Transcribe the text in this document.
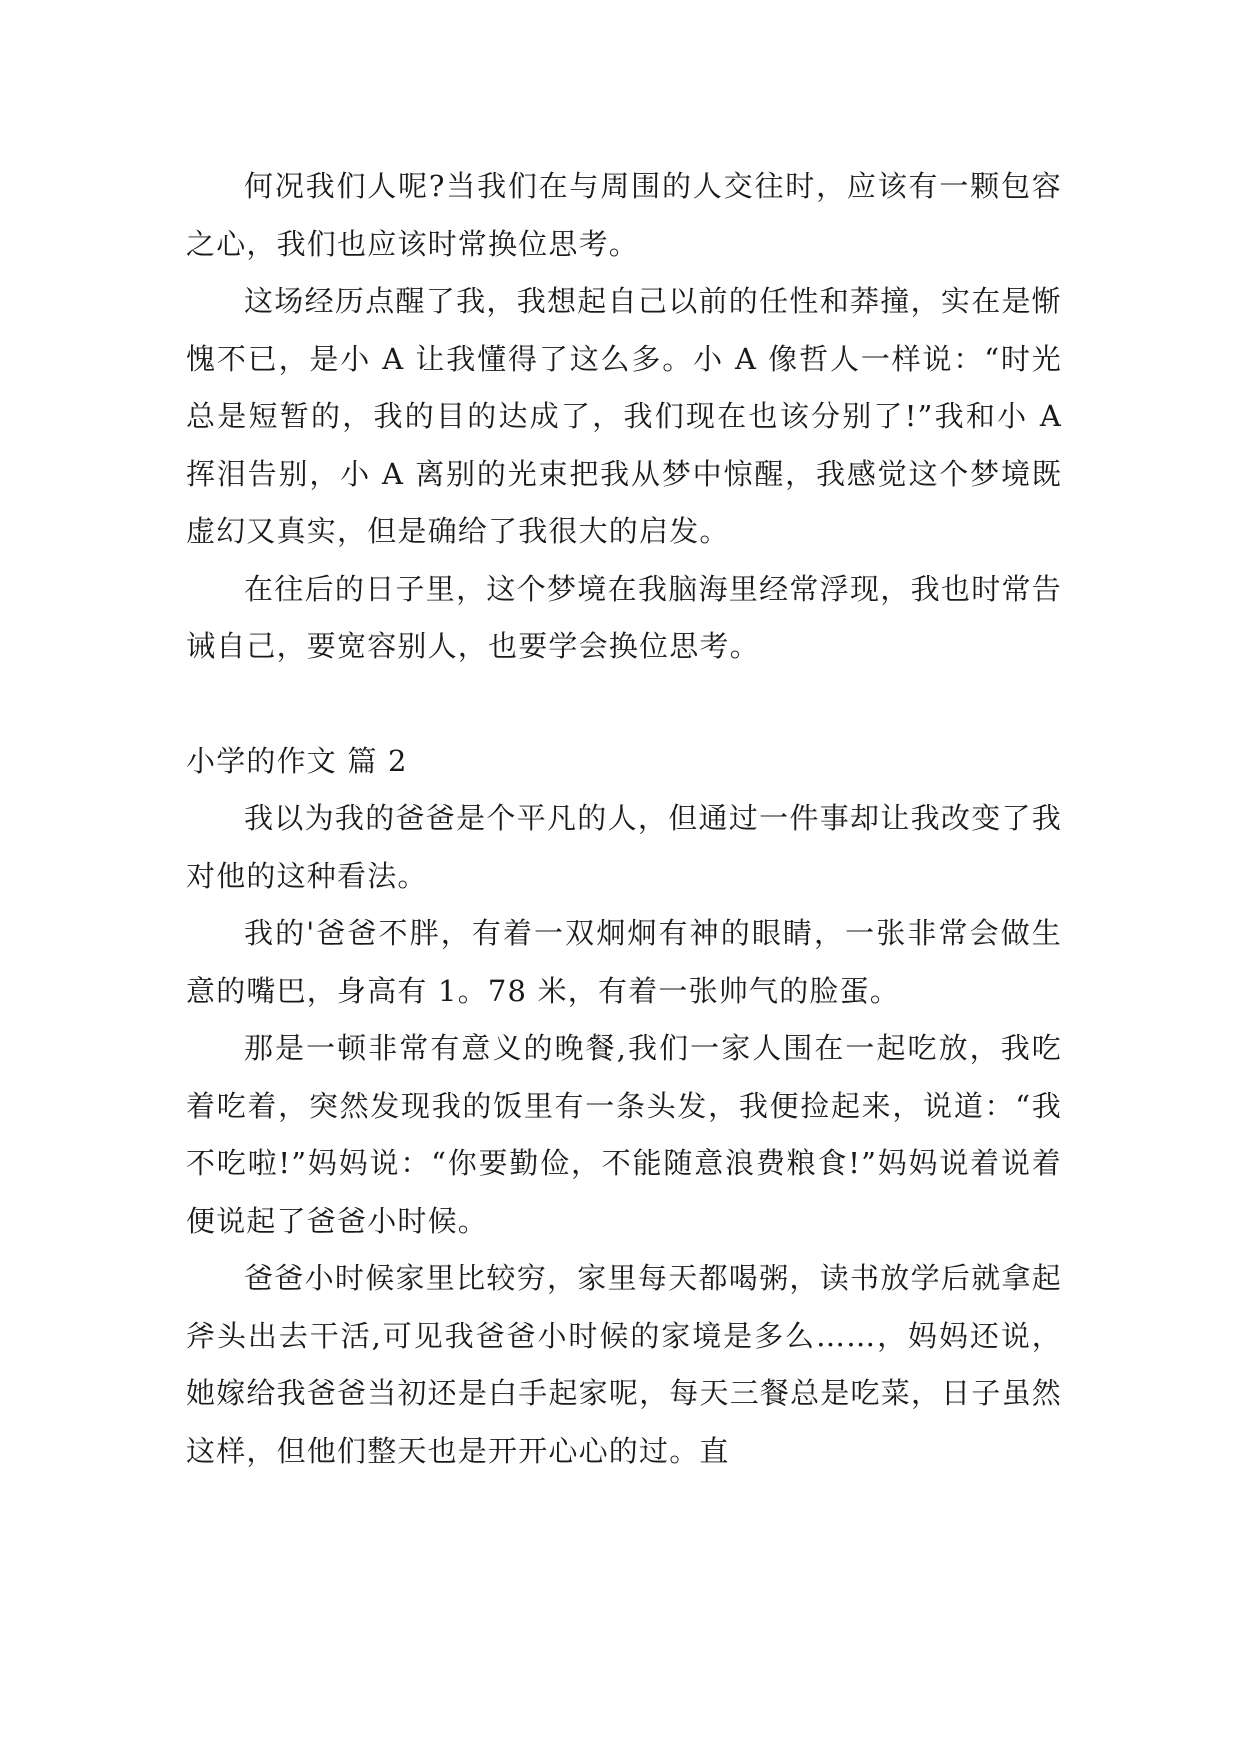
何况我们人呢?当我们在与周围的人交往时，应该有一颗包容之心，我们也应该时常换位思考。

这场经历点醒了我，我想起自己以前的任性和莽撞，实在是惭愧不已，是小 A 让我懂得了这么多。小 A 像哲人一样说：“时光总是短暂的，我的目的达成了，我们现在也该分别了!”我和小 A 挥泪告别，小 A 离别的光束把我从梦中惊醒，我感觉这个梦境既虚幻又真实，但是确给了我很大的启发。

在往后的日子里，这个梦境在我脑海里经常浮现，我也时常告诫自己，要宽容别人，也要学会换位思考。

小学的作文 篇 2

我以为我的爸爸是个平凡的人，但通过一件事却让我改变了我对他的这种看法。

我的'爸爸不胖，有着一双炯炯有神的眼睛，一张非常会做生意的嘴巴，身高有 1。78 米，有着一张帅气的脸蛋。

那是一顿非常有意义的晚餐,我们一家人围在一起吃放，我吃着吃着，突然发现我的饭里有一条头发，我便捡起来，说道：“我不吃啦!”妈妈说：“你要勤俭，不能随意浪费粮食!”妈妈说着说着便说起了爸爸小时候。

爸爸小时候家里比较穷，家里每天都喝粥，读书放学后就拿起斧头出去干活,可见我爸爸小时候的家境是多么……，妈妈还说，她嫁给我爸爸当初还是白手起家呢，每天三餐总是吃菜，日子虽然这样，但他们整天也是开开心心的过。直
